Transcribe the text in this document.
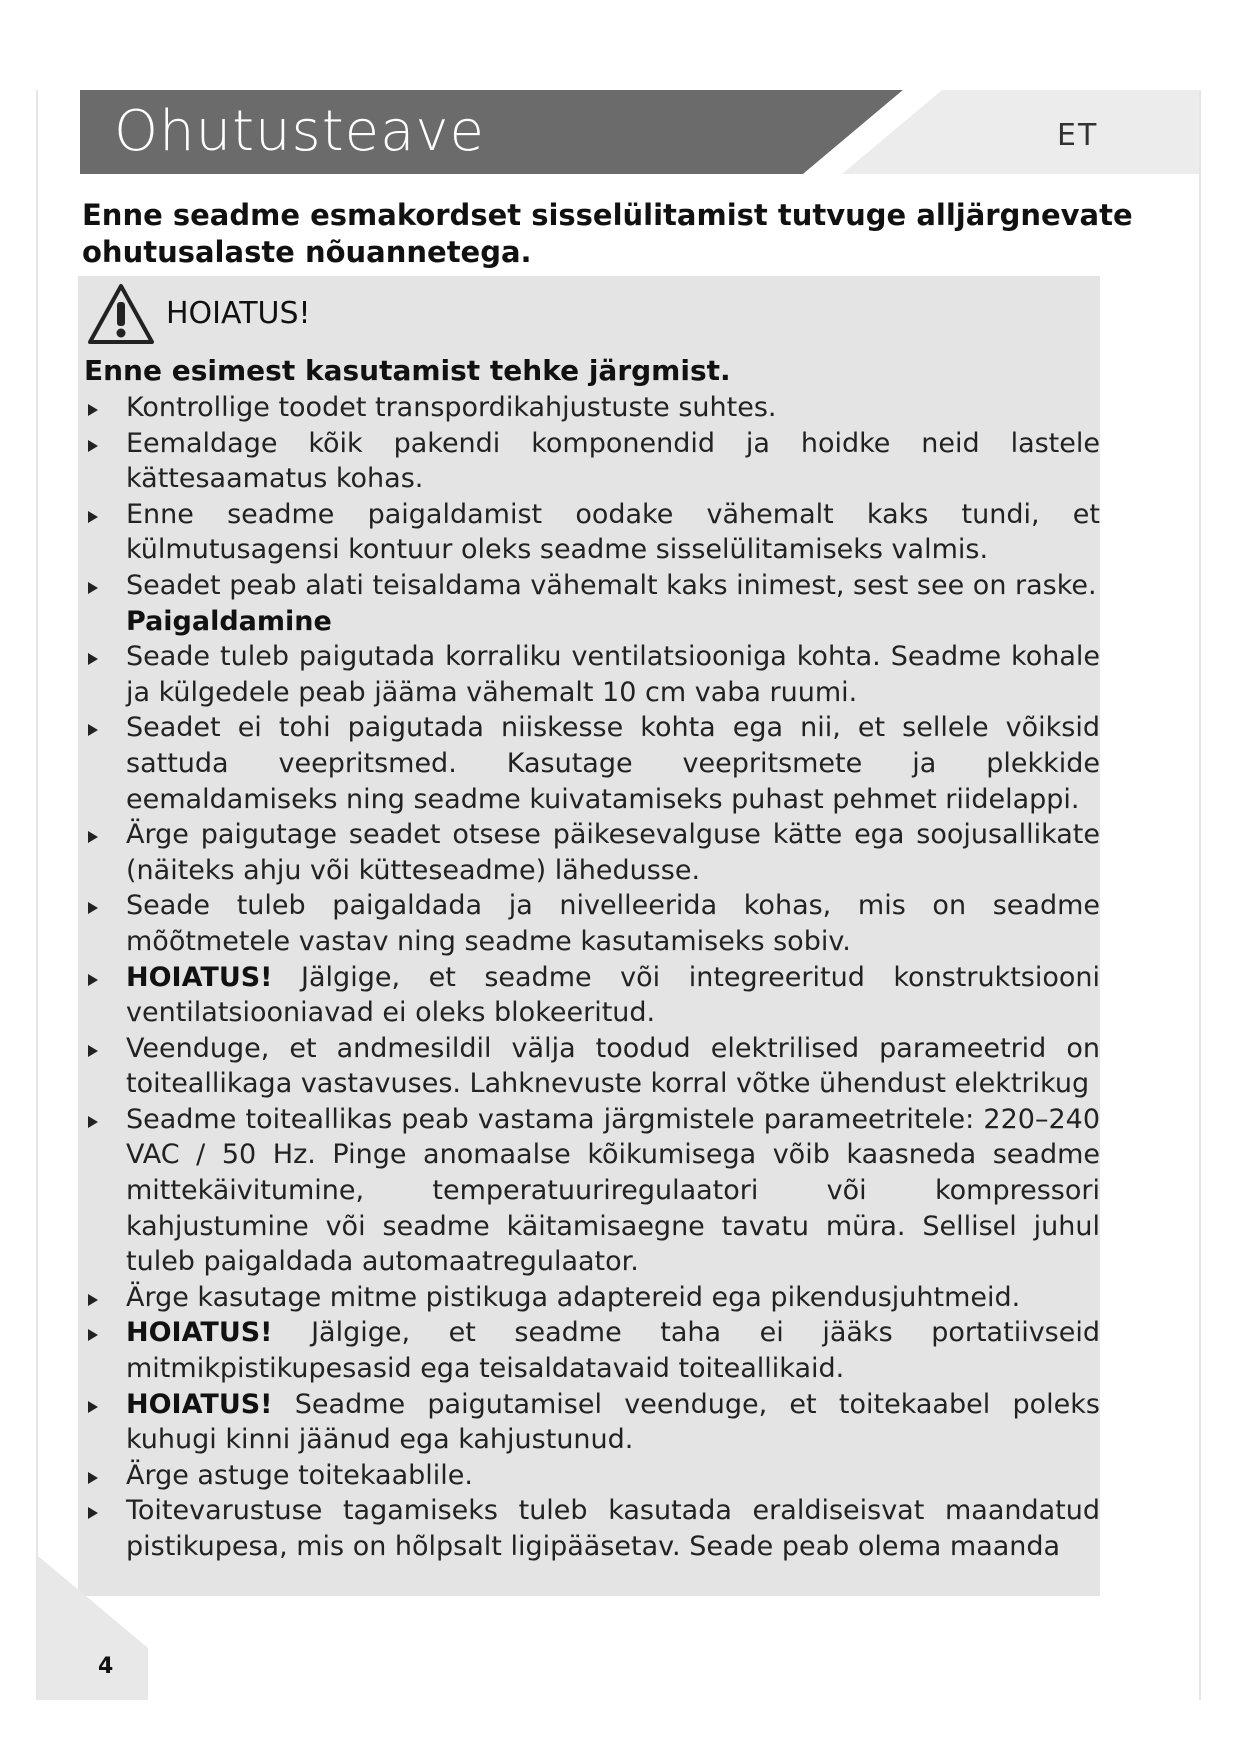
Ohutusteave	ET

Enne seadme esmakordset sisselülitamist tutvuge alljärgnevate ohutusalaste nõuannetega.

HOIATUS!

Enne esimest kasutamist tehke järgmist.

Kontrollige toodet transpordikahjustuste suhtes.
Eemaldage kõik pakendi komponendid ja hoidke neid lastele kättesaamatus kohas.
Enne seadme paigaldamist oodake vähemalt kaks tundi, et külmutusagensi kontuur oleks seadme sisselülitamiseks valmis.
Seadet peab alati teisaldama vähemalt kaks inimest, sest see on raske.
Paigaldamine
Seade tuleb paigutada korraliku ventilatsiooniga kohta. Seadme kohale ja külgedele peab jääma vähemalt 10 cm vaba ruumi.
Seadet ei tohi paigutada niiskesse kohta ega nii, et sellele võiksid sattuda veepritsmed. Kasutage veepritsmete ja plekkide eemaldamiseks ning seadme kuivatamiseks puhast pehmet riidelappi.
Ärge paigutage seadet otsese päikesevalguse kätte ega soojusallikate (näiteks ahju või kütteseadme) lähedusse.
Seade tuleb paigaldada ja nivelleerida kohas, mis on seadme mõõtmetele vastav ning seadme kasutamiseks sobiv.
HOIATUS! Jälgige, et seadme või integreeritud konstruktsiooni ventilatsiooniavad ei oleks blokeeritud.
Veenduge, et andmesildil välja toodud elektrilised parameetrid on toiteallikaga vastavuses. Lahknevuste korral võtke ühendust elektrikug
Seadme toiteallikas peab vastama järgmistele parameetritele: 220–240 VAC / 50 Hz. Pinge anomaalse kõikumisega võib kaasneda seadme mittekäivitumine, temperatuuriregulaatori või kompressori kahjustumine või seadme käitamisaegne tavatu müra. Sellisel juhul tuleb paigaldada automaatregulaator.
Ärge kasutage mitme pistikuga adaptereid ega pikendusjuhtmeid.
HOIATUS! Jälgige, et seadme taha ei jääks portatiivseid mitmikpistikupesasid ega teisaldatavaid toiteallikaid.
HOIATUS! Seadme paigutamisel veenduge, et toitekaabel poleks kuhugi kinni jäänud ega kahjustunud.
Ärge astuge toitekaablile.
Toitevarustuse tagamiseks tuleb kasutada eraldiseisvat maandatud pistikupesa, mis on hõlpsalt ligipääsetav. Seade peab olema maanda
4
